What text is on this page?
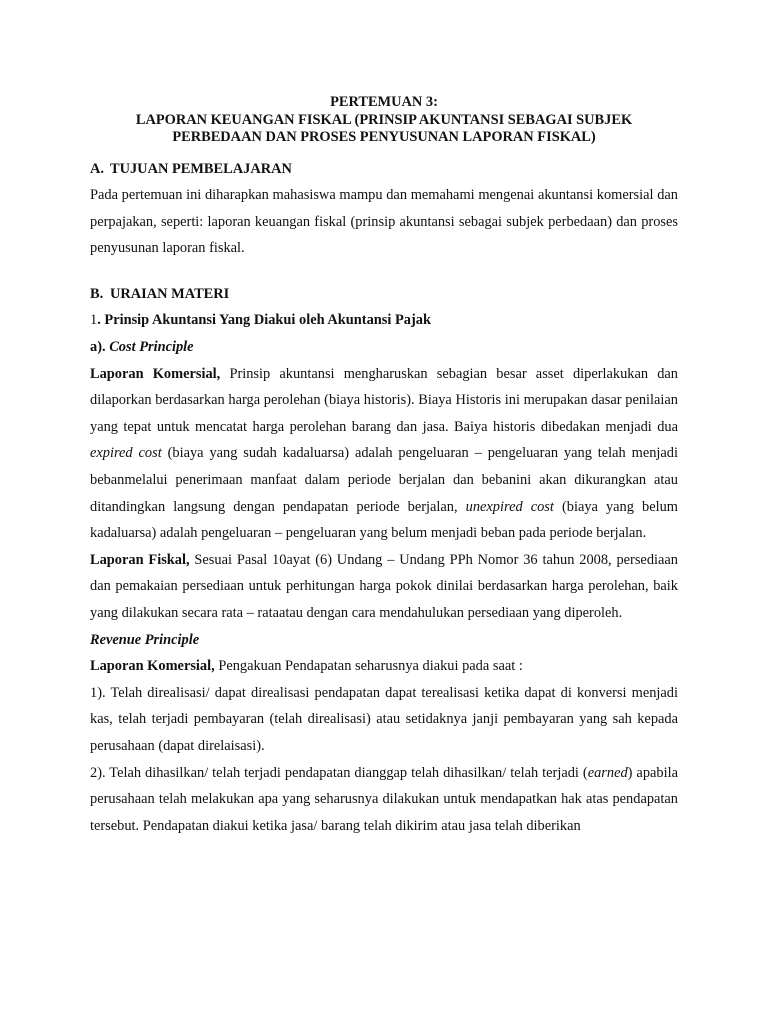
PERTEMUAN 3:

LAPORAN KEUANGAN FISKAL (PRINSIP AKUNTANSI SEBAGAI SUBJEK

PERBEDAAN DAN PROSES PENYUSUNAN LAPORAN FISKAL)

A. TUJUAN PEMBELAJARAN

Pada pertemuan ini diharapkan mahasiswa mampu dan memahami mengenai akuntansi komersial dan perpajakan, seperti: laporan keuangan fiskal (prinsip akuntansi sebagai subjek perbedaan) dan proses penyusunan laporan fiskal.

B. URAIAN MATERI

1. Prinsip Akuntansi Yang Diakui oleh Akuntansi Pajak

a). Cost Principle

Laporan Komersial, Prinsip akuntansi mengharuskan sebagian besar asset diperlakukan dan dilaporkan berdasarkan harga perolehan (biaya historis). Biaya Historis ini merupakan dasar penilaian yang tepat untuk mencatat harga perolehan barang dan jasa. Baiya historis dibedakan menjadi dua expired cost (biaya yang sudah kadaluarsa) adalah pengeluaran – pengeluaran yang telah menjadi bebanmelalui penerimaan manfaat dalam periode berjalan dan bebanini akan dikurangkan atau ditandingkan langsung dengan pendapatan periode berjalan, unexpired cost (biaya yang belum kadaluarsa) adalah pengeluaran – pengeluaran yang belum menjadi beban pada periode berjalan.

Laporan Fiskal, Sesuai Pasal 10ayat (6) Undang – Undang PPh Nomor 36 tahun 2008, persediaan dan pemakaian persediaan untuk perhitungan harga pokok dinilai berdasarkan harga perolehan, baik yang dilakukan secara rata – rataatau dengan cara mendahulukan persediaan yang diperoleh.

Revenue Principle

Laporan Komersial, Pengakuan Pendapatan seharusnya diakui pada saat :

1). Telah direalisasi/ dapat direalisasi pendapatan dapat terealisasi ketika dapat di konversi menjadi kas, telah terjadi pembayaran (telah direalisasi) atau setidaknya janji pembayaran yang sah kepada perusahaan (dapat direlaisasi).

2). Telah dihasilkan/ telah terjadi pendapatan dianggap telah dihasilkan/ telah terjadi (earned) apabila perusahaan telah melakukan apa yang seharusnya dilakukan untuk mendapatkan hak atas pendapatan tersebut. Pendapatan diakui ketika jasa/ barang telah dikirim atau jasa telah diberikan
